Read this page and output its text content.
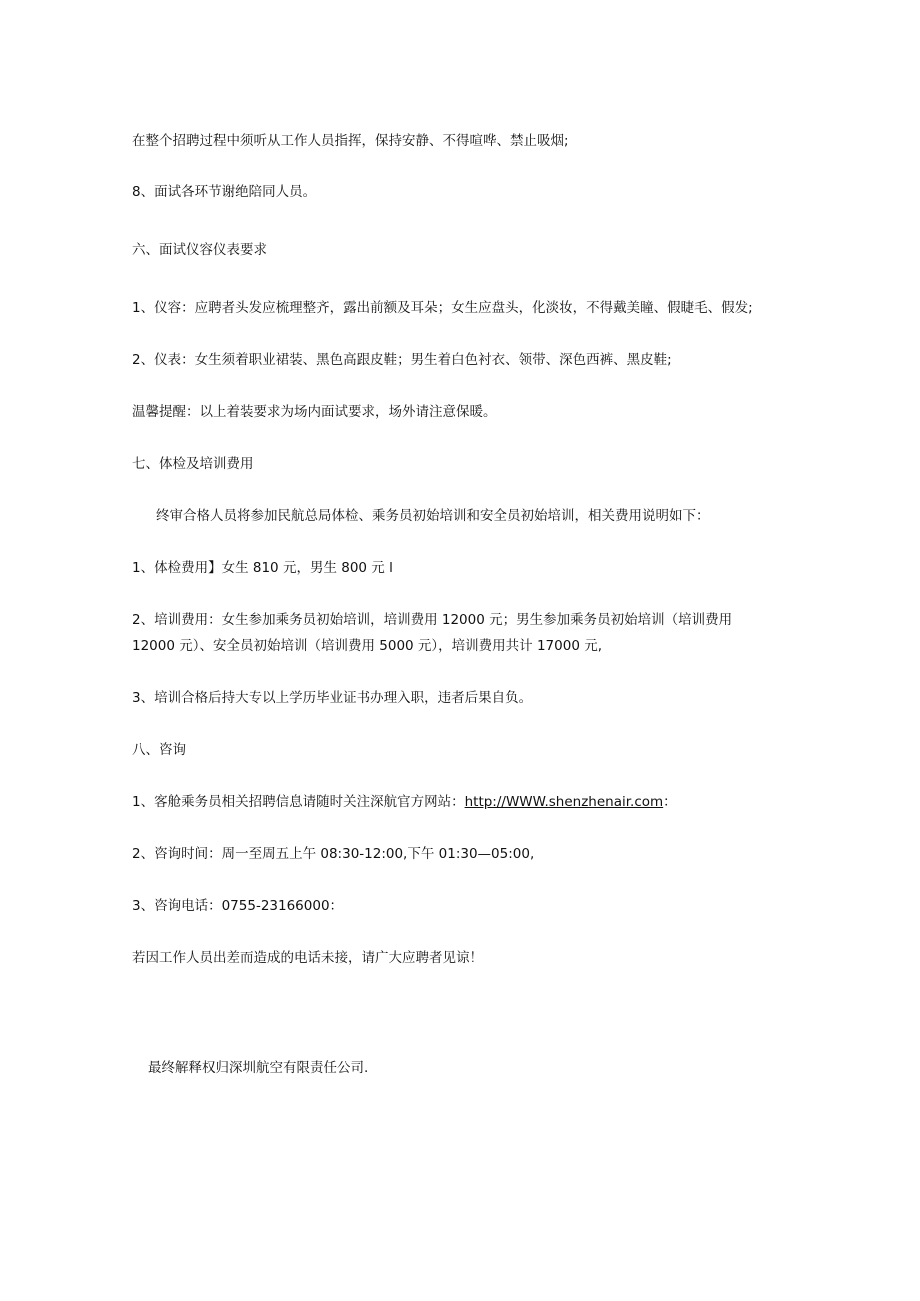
在整个招聘过程中须听从工作人员指挥，保持安静、不得喧哗、禁止吸烟;
8、面试各环节谢绝陪同人员。
六、面试仪容仪表要求
1、仪容：应聘者头发应梳理整齐，露出前额及耳朵；女生应盘头，化淡妆，不得戴美瞳、假睫毛、假发;
2、仪表：女生须着职业裙装、黑色高跟皮鞋；男生着白色衬衣、领带、深色西裤、黑皮鞋;
温馨提醒：以上着装要求为场内面试要求，场外请注意保暖。
七、体检及培训费用
终审合格人员将参加民航总局体检、乘务员初始培训和安全员初始培训，相关费用说明如下：
1、体检费用】女生 810 元，男生 800 元 l
2、培训费用：女生参加乘务员初始培训，培训费用 12000 元；男生参加乘务员初始培训（培训费用
12000 元）、安全员初始培训（培训费用 5000 元），培训费用共计 17000 元,
3、培训合格后持大专以上学历毕业证书办理入职，违者后果自负。
八、咨询
1、客舱乘务员相关招聘信息请随时关注深航官方网站：http://WWW.shenzhenair.com：
2、咨询时间：周一至周五上午 08:30-12:00,下午 01:30—05:00,
3、咨询电话：0755-23166000：
若因工作人员出差而造成的电话未接，请广大应聘者见谅！
最终解释权归深圳航空有限责任公司.
